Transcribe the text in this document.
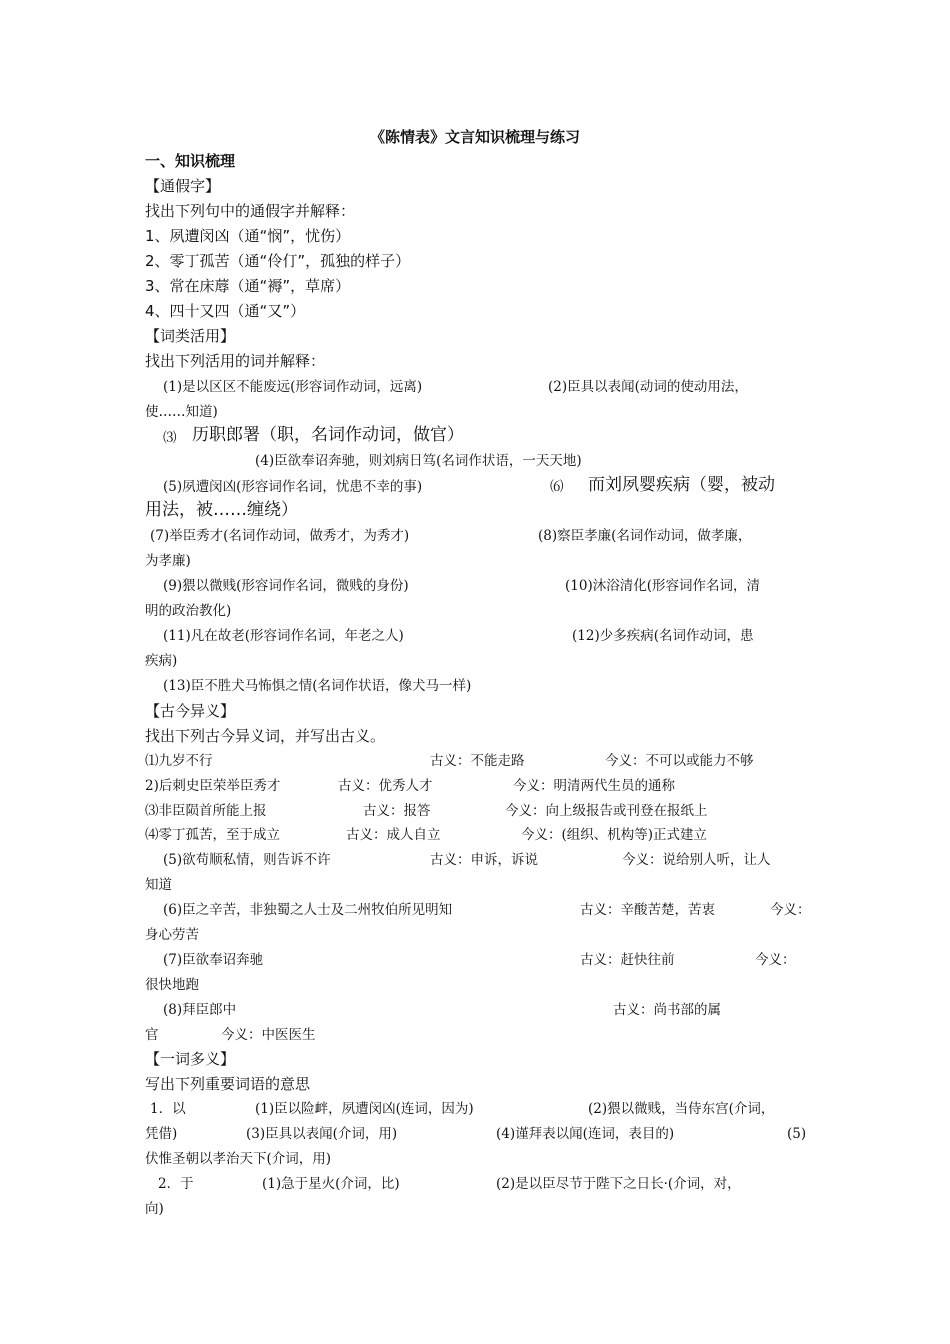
《陈情表》文言知识梳理与练习
一、知识梳理
【通假字】
找出下列句中的通假字并解释：
1、夙遭闵凶（通“悯”，忧伤）
2、零丁孤苦（通“伶仃”，孤独的样子）
3、常在床蓐（通“褥”，草席）
4、四十又四（通“又”）
【词类活用】
找出下列活用的词并解释：
(1)是以区区不能废远(形容词作动词，远离)	(2)臣具以表闻(动词的使动用法，
使……知道)
⑶ 历职郎署（职，名词作动词，做官）
(4)臣欲奉诏奔驰，则刘病日笃(名词作状语，一天天地)
(5)夙遭闵凶(形容词作名词，忧患不幸的事)	⑹ 而刘夙婴疾病（婴，被动
用法，被……缠绕）
(7)举臣秀才(名词作动词，做秀才，为秀才)	(8)察臣孝廉(名词作动词，做孝廉，
为孝廉)
(9)猥以微贱(形容词作名词，微贱的身份)	(10)沐浴清化(形容词作名词，清
明的政治教化)
(11)凡在故老(形容词作名词，年老之人)	(12)少多疾病(名词作动词，患
疾病)
(13)臣不胜犬马怖惧之情(名词作状语，像犬马一样)
【古今异义】
找出下列古今异义词，并写出古义。
⑴九岁不行	古义：不能走路	今义：不可以或能力不够
2)后刺史臣荣举臣秀才	古义：优秀人才	今义：明清两代生员的通称
⑶非臣陨首所能上报	古义：报答	今义：向上级报告或刊登在报纸上
⑷零丁孤苦，至于成立	古义：成人自立	今义：(组织、机构等)正式建立
(5)欲苟顺私情，则告诉不许	古义：申诉，诉说	今义：说给别人听，让人
知道
(6)臣之辛苦，非独蜀之人士及二州牧伯所见明知	古义：辛酸苦楚，苦衷	今义：
身心劳苦
(7)臣欲奉诏奔驰	古义：赶快往前	今义：
很快地跑
(8)拜臣郎中	古义：尚书部的属
官	今义：中医医生
【一词多义】
写出下列重要词语的意思
1．以	(1)臣以险衅，夙遭闵凶(连词，因为)	(2)猥以微贱，当侍东宫(介词，
凭借)	(3)臣具以表闻(介词，用)	(4)谨拜表以闻(连词，表目的)	(5)
伏惟圣朝以孝治天下(介词，用)
2．于	(1)急于星火(介词，比)	(2)是以臣尽节于陛下之日长·(介词，对，
向)
